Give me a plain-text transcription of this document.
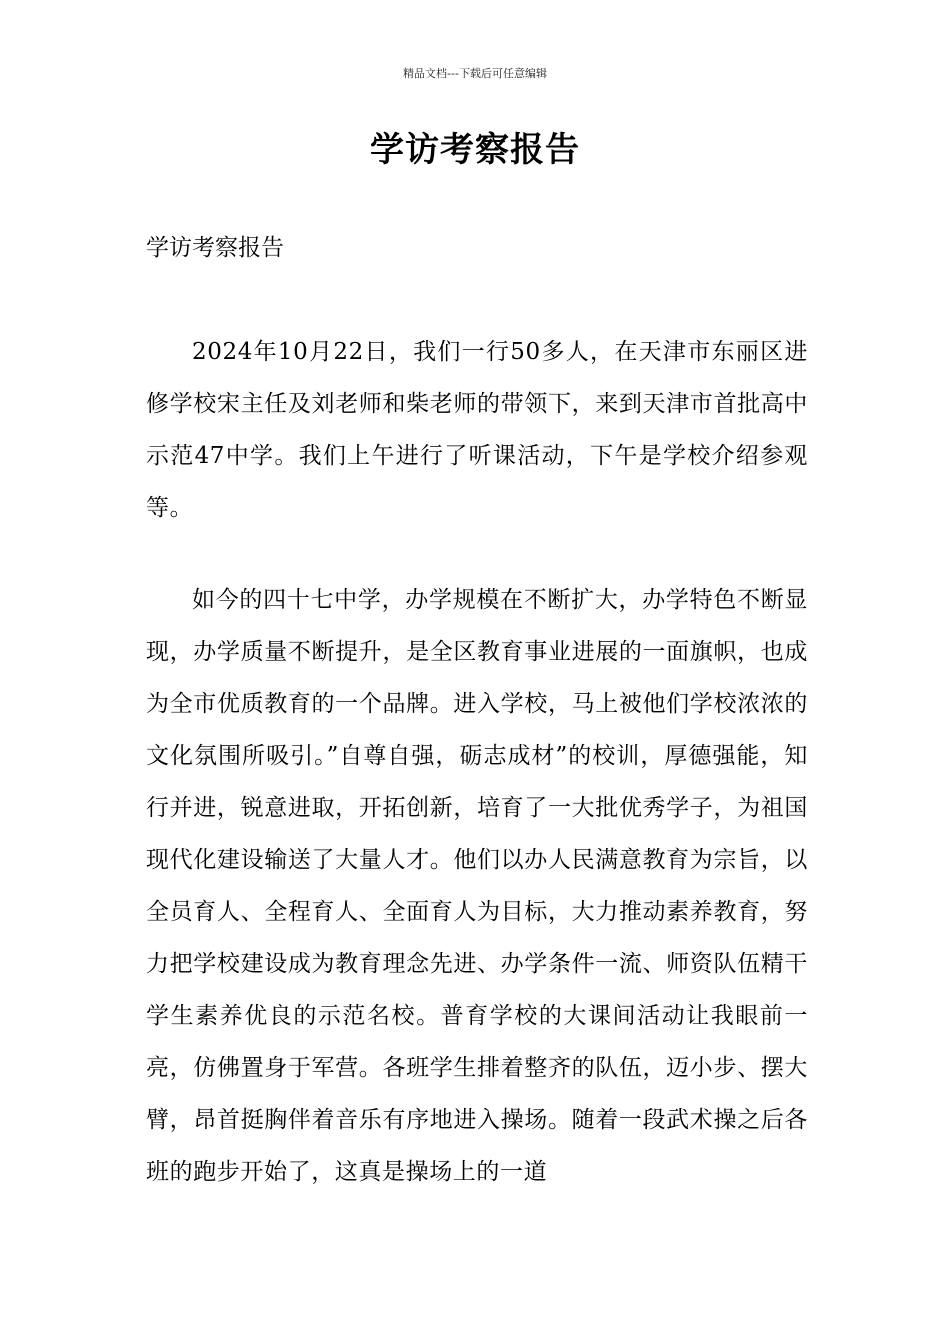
精品文档---下载后可任意编辑
学访考察报告
学访考察报告

2024年10月22日，我们一行50多人，在天津市东丽区进修学校宋主任及刘老师和柴老师的带领下，来到天津市首批高中示范47中学。我们上午进行了听课活动，下午是学校介绍参观等。

如今的四十七中学，办学规模在不断扩大，办学特色不断显现，办学质量不断提升，是全区教育事业进展的一面旗帜，也成为全市优质教育的一个品牌。进入学校，马上被他们学校浓浓的文化氛围所吸引。”自尊自强，砺志成材”的校训，厚德强能，知行并进，锐意进取，开拓创新，培育了一大批优秀学子，为祖国现代化建设输送了大量人才。他们以办人民满意教育为宗旨，以全员育人、全程育人、全面育人为目标，大力推动素养教育，努力把学校建设成为教育理念先进、办学条件一流、师资队伍精干学生素养优良的示范名校。普育学校的大课间活动让我眼前一亮，仿佛置身于军营。各班学生排着整齐的队伍，迈小步、摆大臂，昂首挺胸伴着音乐有序地进入操场。随着一段武术操之后各班的跑步开始了，这真是操场上的一道
